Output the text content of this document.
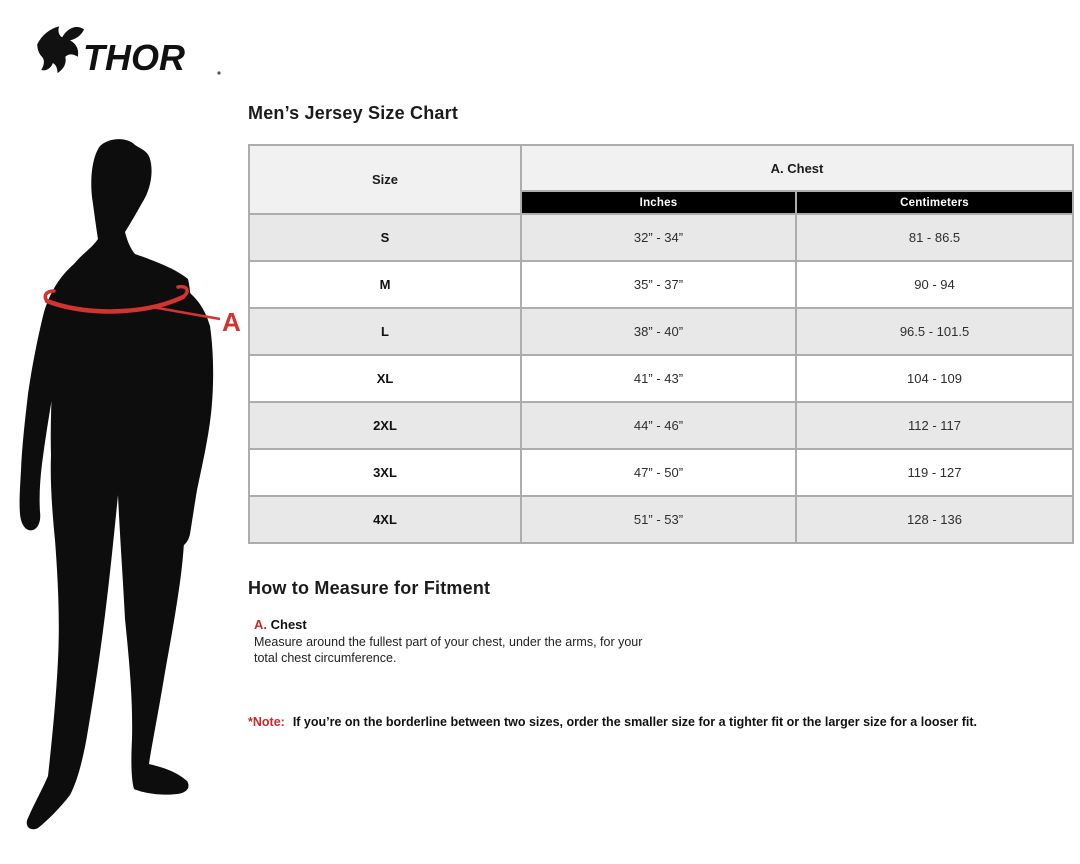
THOR
A
Men’s Jersey Size Chart
Size	A. Chest	
	Inches	Centimeters
S	32” - 34”	81 - 86.5
M	35” - 37”	90 - 94
L	38” - 40”	96.5 - 101.5
XL	41” - 43”	104 - 109
2XL	44” - 46”	112 - 117
3XL	47” - 50”	119 - 127
4XL	51” - 53”	128 - 136
How to Measure for Fitment
A. Chest

Measure around the fullest part of your chest, under the arms, for your total chest circumference.

*Note: If you’re on the borderline between two sizes, order the smaller size for a tighter fit or the larger size for a looser fit.
